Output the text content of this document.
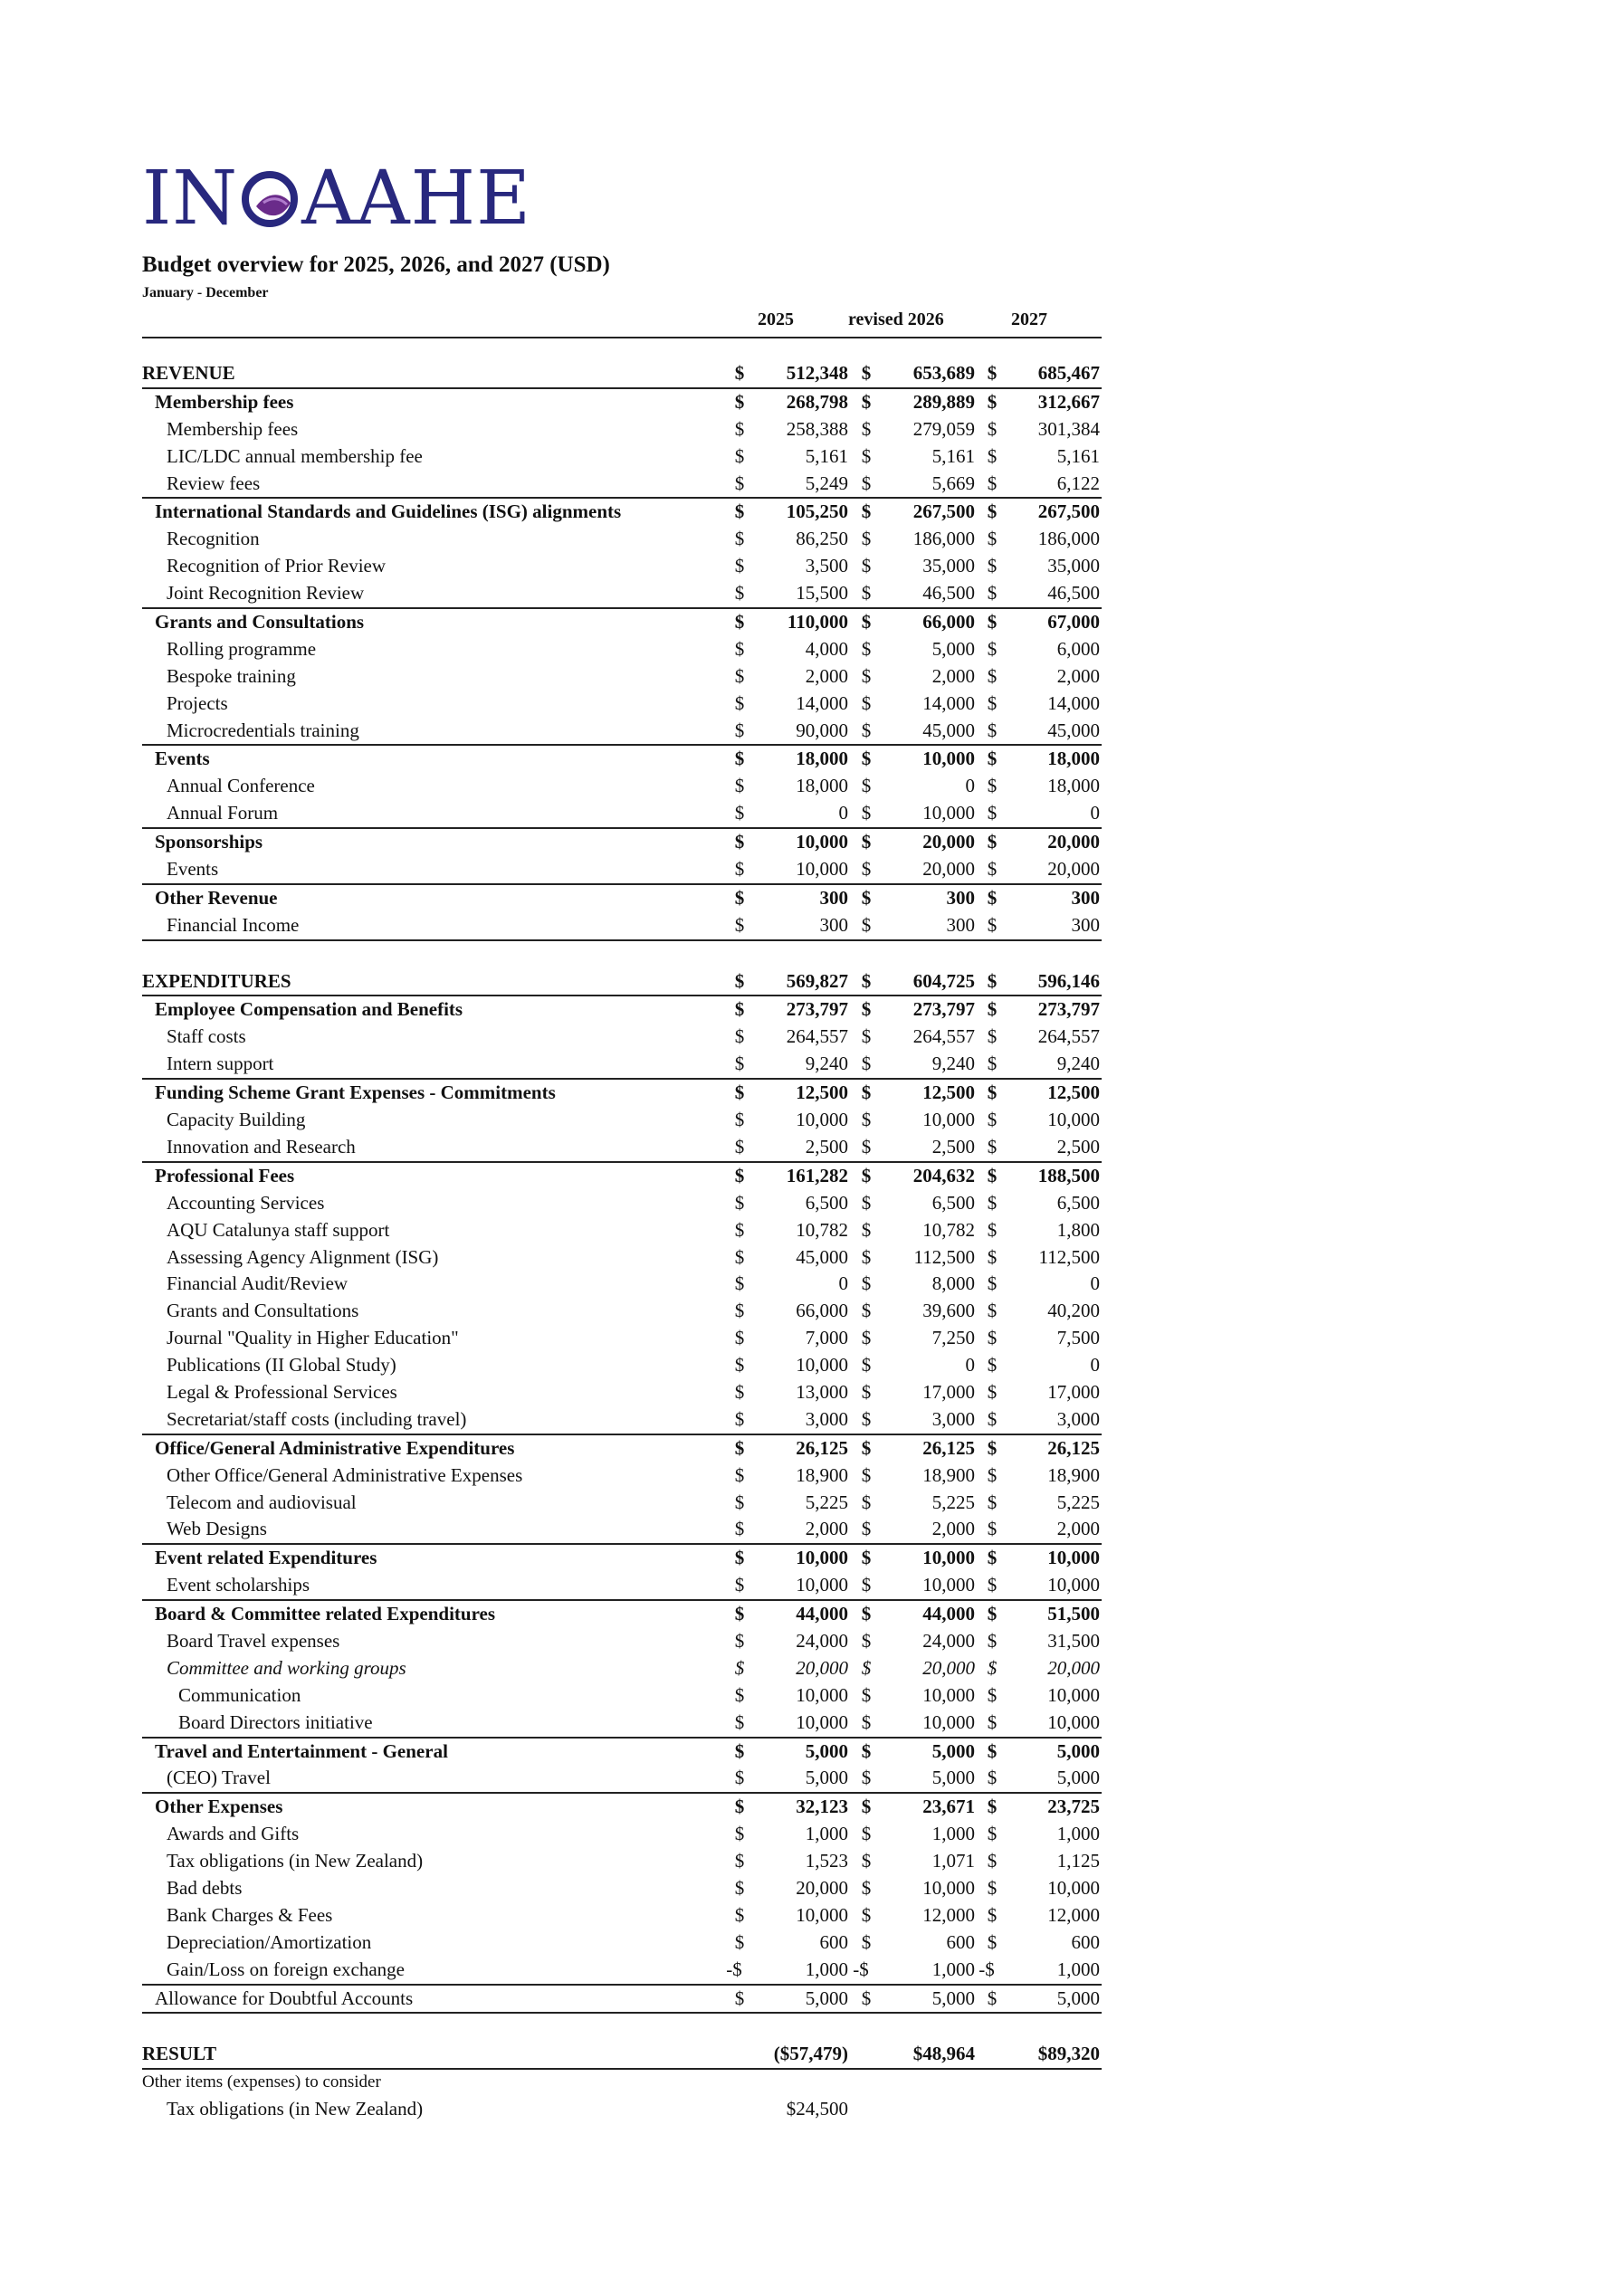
IN AAHE
Budget overview for 2025, 2026, and 2027 (USD)
January - December
2025	revised 2026	2027
REVENUE	$ 512,348 $ 653,689 $ 685,467
Membership fees	$ 268,798 $ 289,889 $ 312,667
Membership fees	$ 258,388 $ 279,059 $ 301,384
LIC/LDC annual membership fee	$	5,161 $	5,161 $	5,161
Review fees	$	5,249 $	5,669 $	6,122
International Standards and Guidelines (ISG) alignments	$ 105,250 $ 267,500 $ 267,500
Recognition	$	86,250 $ 186,000 $ 186,000
Recognition of Prior Review	$	3,500 $	35,000 $	35,000
Joint Recognition Review	$	15,500 $	46,500 $	46,500
Grants and Consultations	$ 110,000 $	66,000 $	67,000
Rolling programme	$	4,000 $	5,000 $	6,000
Bespoke training	$	2,000 $	2,000 $	2,000
Projects	$	14,000 $	14,000 $	14,000
Microcredentials training	$	90,000 $	45,000 $	45,000
Events	$	18,000 $	10,000 $	18,000
Annual Conference	$	18,000 $	0 $	18,000
Annual Forum	$	0 $	10,000 $	0
Sponsorships	$	10,000 $	20,000 $	20,000
Events	$	10,000 $	20,000 $	20,000
Other Revenue	$	300 $	300 $	300
Financial Income	$	300 $	300 $	300
EXPENDITURES	$ 569,827 $ 604,725 $ 596,146
Employee Compensation and Benefits	$ 273,797 $ 273,797 $ 273,797
Staff costs	$ 264,557 $ 264,557 $ 264,557
Intern support	$	9,240 $	9,240 $	9,240
Funding Scheme Grant Expenses - Commitments	$	12,500 $	12,500 $	12,500
Capacity Building	$	10,000 $	10,000 $	10,000
Innovation and Research	$	2,500 $	2,500 $	2,500
Professional Fees	$ 161,282 $ 204,632 $ 188,500
Accounting Services	$	6,500 $	6,500 $	6,500
AQU Catalunya staff support	$	10,782 $	10,782 $	1,800
Assessing Agency Alignment (ISG)	$	45,000 $ 112,500 $ 112,500
Financial Audit/Review	$	0 $	8,000 $	0
Grants and Consultations	$	66,000 $	39,600 $	40,200
Journal "Quality in Higher Education"	$	7,000 $	7,250 $	7,500
Publications (II Global Study)	$	10,000 $	0 $	0
Legal & Professional Services	$	13,000 $	17,000 $	17,000
Secretariat/staff costs (including travel)	$	3,000 $	3,000 $	3,000
Office/General Administrative Expenditures	$	26,125 $	26,125 $	26,125
Other Office/General Administrative Expenses	$	18,900 $	18,900 $	18,900
Telecom and audiovisual	$	5,225 $	5,225 $	5,225
Web Designs	$	2,000 $	2,000 $	2,000
Event related Expenditures	$	10,000 $	10,000 $	10,000
Event scholarships	$	10,000 $	10,000 $	10,000
Board & Committee related Expenditures	$	44,000 $	44,000 $	51,500
Board Travel expenses	$	24,000 $	24,000 $	31,500
Committee and working groups	$	20,000 $	20,000 $	20,000
Communication	$	10,000 $	10,000 $	10,000
Board Directors initiative	$	10,000 $	10,000 $	10,000
Travel and Entertainment - General	$	5,000 $	5,000 $	5,000
(CEO) Travel	$	5,000 $	5,000 $	5,000
Other Expenses	$	32,123 $	23,671 $	23,725
Awards and Gifts	$	1,000 $	1,000 $	1,000
Tax obligations (in New Zealand)	$	1,523 $	1,071 $	1,125
Bad debts	$	20,000 $	10,000 $	10,000
Bank Charges & Fees	$	10,000 $	12,000 $	12,000
Depreciation/Amortization	$	600 $	600 $	600
Gain/Loss on foreign exchange	-$	1,000 -$	1,000 -$	1,000
Allowance for Doubtful Accounts	$	5,000 $	5,000 $	5,000
RESULT	($57,479)	$48,964	$89,320
Other items (expenses) to consider
Tax obligations (in New Zealand)	$24,500
